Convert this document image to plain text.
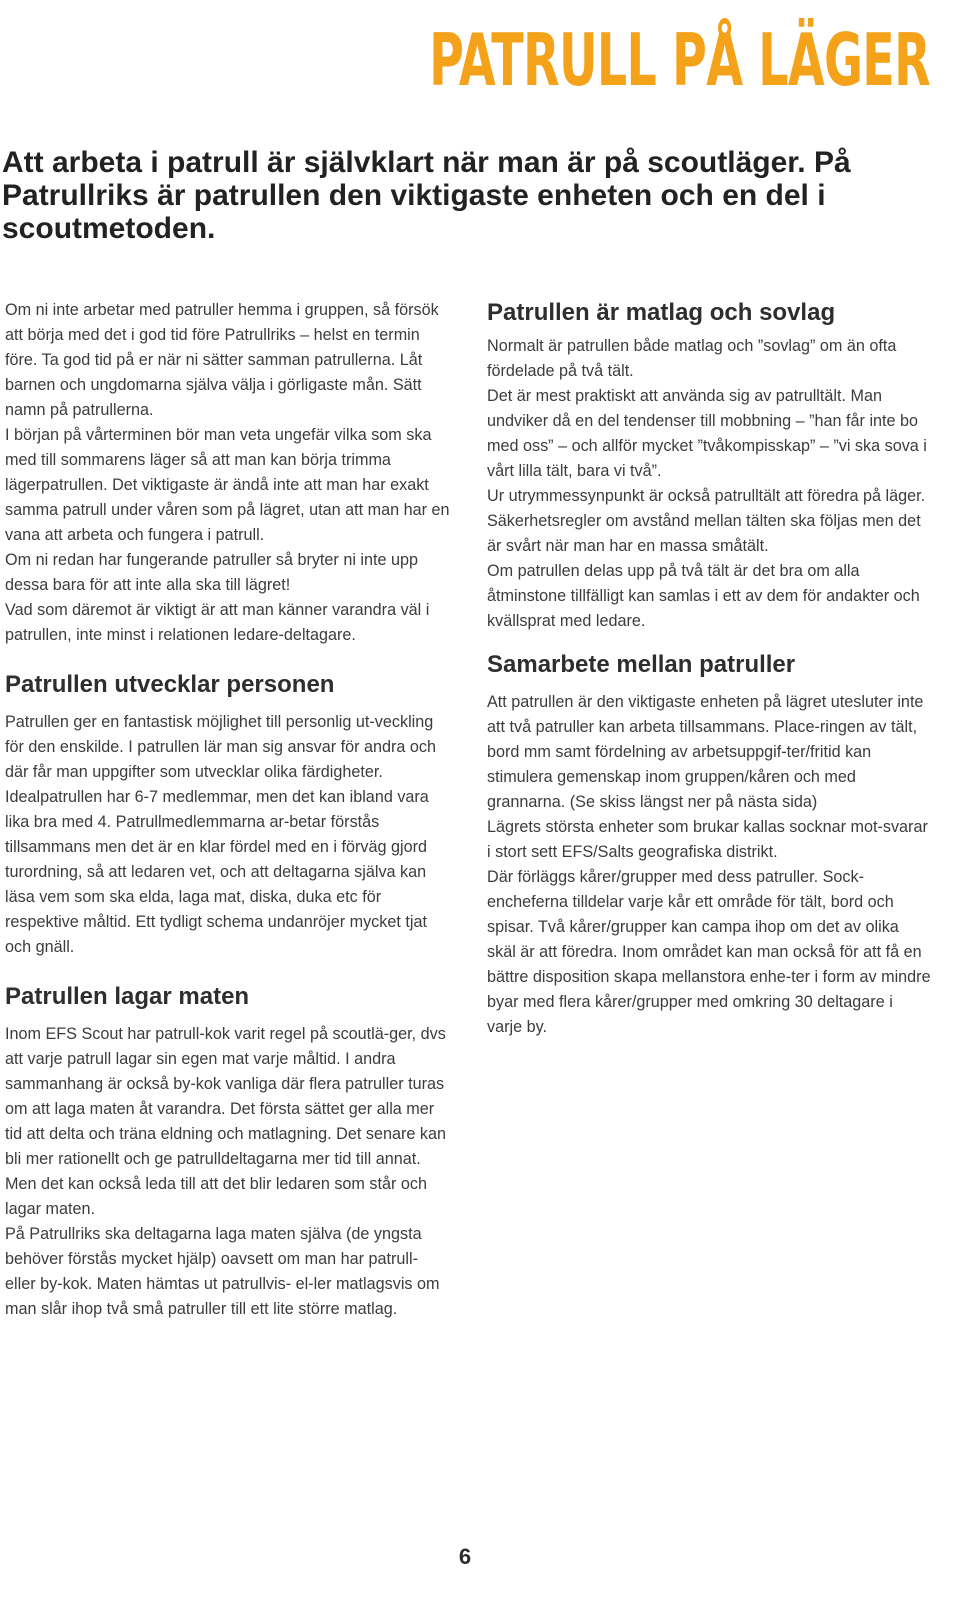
PATRULL PÅ LÄGER

Att arbeta i patrull är självklart när man är på scoutläger. På Patrullriks är patrullen den viktigaste enheten och en del i scoutmetoden.

Om ni inte arbetar med patruller hemma i gruppen, så försök att börja med det i god tid före Patrullriks – helst en termin före. Ta god tid på er när ni sätter samman patrullerna. Låt barnen och ungdomarna själva välja i görligaste mån. Sätt namn på patrullerna.

I början på vårterminen bör man veta ungefär vilka som ska med till sommarens läger så att man kan börja trimma lägerpatrullen. Det viktigaste är ändå inte att man har exakt samma patrull under våren som på lägret, utan att man har en vana att arbeta och fungera i patrull.

Om ni redan har fungerande patruller så bryter ni inte upp dessa bara för att inte alla ska till lägret!

Vad som däremot är viktigt är att man känner varandra väl i patrullen, inte minst i relationen ledare-deltagare.

Patrullen utvecklar personen

Patrullen ger en fantastisk möjlighet till personlig ut-veckling för den enskilde. I patrullen lär man sig ansvar för andra och där får man uppgifter som utvecklar olika färdigheter. Idealpatrullen har 6-7 medlemmar, men det kan ibland vara lika bra med 4. Patrullmedlemmarna ar-betar förstås tillsammans men det är en klar fördel med en i förväg gjord turordning, så att ledaren vet, och att deltagarna själva kan läsa vem som ska elda, laga mat, diska, duka etc för respektive måltid. Ett tydligt schema undanröjer mycket tjat och gnäll.

Patrullen lagar maten

Inom EFS Scout har patrull-kok varit regel på scoutlä-ger, dvs att varje patrull lagar sin egen mat varje måltid. I andra sammanhang är också by-kok vanliga där flera patruller turas om att laga maten åt varandra. Det första sättet ger alla mer tid att delta och träna eldning och matlagning. Det senare kan bli mer rationellt och ge patrulldeltagarna mer tid till annat. Men det kan också leda till att det blir ledaren som står och lagar maten.

På Patrullriks ska deltagarna laga maten själva (de yngsta behöver förstås mycket hjälp) oavsett om man har patrull- eller by-kok. Maten hämtas ut patrullvis- el-ler matlagsvis om man slår ihop två små patruller till ett lite större matlag.

Patrullen är matlag och sovlag

Normalt är patrullen både matlag och ”sovlag” om än ofta fördelade på två tält.

Det är mest praktiskt att använda sig av patrulltält. Man undviker då en del tendenser till mobbning – ”han får inte bo med oss” – och allför mycket ”tvåkompisskap” – ”vi ska sova i vårt lilla tält, bara vi två”.

Ur utrymmessynpunkt är också patrulltält att föredra på läger. Säkerhetsregler om avstånd mellan tälten ska följas men det är svårt när man har en massa småtält.

Om patrullen delas upp på två tält är det bra om alla åtminstone tillfälligt kan samlas i ett av dem för andakter och kvällsprat med ledare.

Samarbete mellan patruller

Att patrullen är den viktigaste enheten på lägret utesluter inte att två patruller kan arbeta tillsammans. Place-ringen av tält, bord mm samt fördelning av arbetsuppgif-ter/fritid kan stimulera gemenskap inom gruppen/kåren och med grannarna. (Se skiss längst ner på nästa sida)

Lägrets största enheter som brukar kallas socknar mot-svarar i stort sett EFS/Salts geografiska distrikt.

Där förläggs kårer/grupper med dess patruller. Sock-encheferna tilldelar varje kår ett område för tält, bord och spisar. Två kårer/grupper kan campa ihop om det av olika skäl är att föredra. Inom området kan man också för att få en bättre disposition skapa mellanstora enhe-ter i form av mindre byar med flera kårer/grupper med omkring 30 deltagare i varje by.

6
